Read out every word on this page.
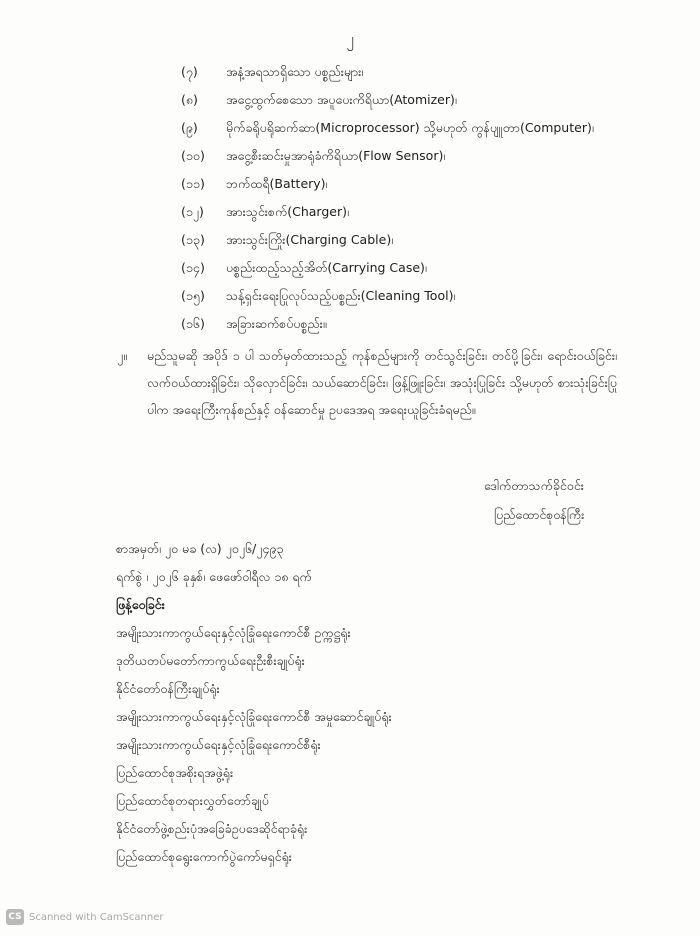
၂
(၇) အနံ့အရသာရှိသော ပစ္စည်းများ၊
(၈) အငွေ့ထွက်စေသော အပူပေးကိရိယာ(Atomizer)၊
(၉) မိုက်ခရိုပရိုဆက်ဆာ(Microprocessor) သို့မဟုတ် ကွန်ပျူတာ(Computer)၊
(၁၀) အငွေ့စီးဆင်းမှုအာရုံခံကိရိယာ(Flow Sensor)၊
(၁၁) ဘက်ထရီ(Battery)၊
(၁၂) အားသွင်းစက်(Charger)၊
(၁၃) အားသွင်းကြိုး(Charging Cable)၊
(၁၄) ပစ္စည်းထည့်သည့်အိတ်(Carrying Case)၊
(၁၅) သန့်ရှင်းရေးပြုလုပ်သည့်ပစ္စည်း(Cleaning Tool)၊
(၁၆) အခြားဆက်စပ်ပစ္စည်း။
၂။ မည်သူမဆို အပိုဒ် ၁ ပါ သတ်မှတ်ထားသည့် ကုန်စည်များကို တင်သွင်းခြင်း၊ တင်ပို့ခြင်း၊ ရောင်းဝယ်ခြင်း၊ လက်ဝယ်ထားရှိခြင်း၊ သိုလှောင်ခြင်း၊ သယ်ဆောင်ခြင်း၊ ဖြန့်ဖြူးခြင်း၊ အသုံးပြုခြင်း သို့မဟုတ် စားသုံးခြင်းပြုပါက အရေးကြီးကုန်စည်နှင့် ဝန်ဆောင်မှု ဥပဒေအရ အရေးယူခြင်းခံရမည်။
ဒေါက်တာသက်ခိုင်ဝင်း
ပြည်ထောင်စုဝန်ကြီး
စာအမှတ်၊ ၂၀ မခ (လ) ၂၀၂၆/၂၄၉၃
ရက်စွဲ ၊ ၂၀၂၆ ခုနှစ်၊ ဖေဖော်ဝါရီလ ၁၈ ရက်
ဖြန့်ဝေခြင်း
အမျိုးသားကာကွယ်ရေးနှင့်လုံခြုံရေးကောင်စီ ဥက္ကဋ္ဌရုံး
ဒုတိယတပ်မတော်ကာကွယ်ရေးဦးစီးချုပ်ရုံး
နိုင်ငံတော်ဝန်ကြီးချုပ်ရုံး
အမျိုးသားကာကွယ်ရေးနှင့်လုံခြုံရေးကောင်စီ အမှုဆောင်ချုပ်ရုံး
အမျိုးသားကာကွယ်ရေးနှင့်လုံခြုံရေးကောင်စီရုံး
ပြည်ထောင်စုအစိုးရအဖွဲ့ရုံး
ပြည်ထောင်စုတရားလွှတ်တော်ချုပ်
နိုင်ငံတော်ဖွဲ့စည်းပုံအခြေခံဥပဒေဆိုင်ရာခုံရုံး
ပြည်ထောင်စုရွေးကောက်ပွဲကော်မရှင်ရုံး
CS Scanned with CamScanner
